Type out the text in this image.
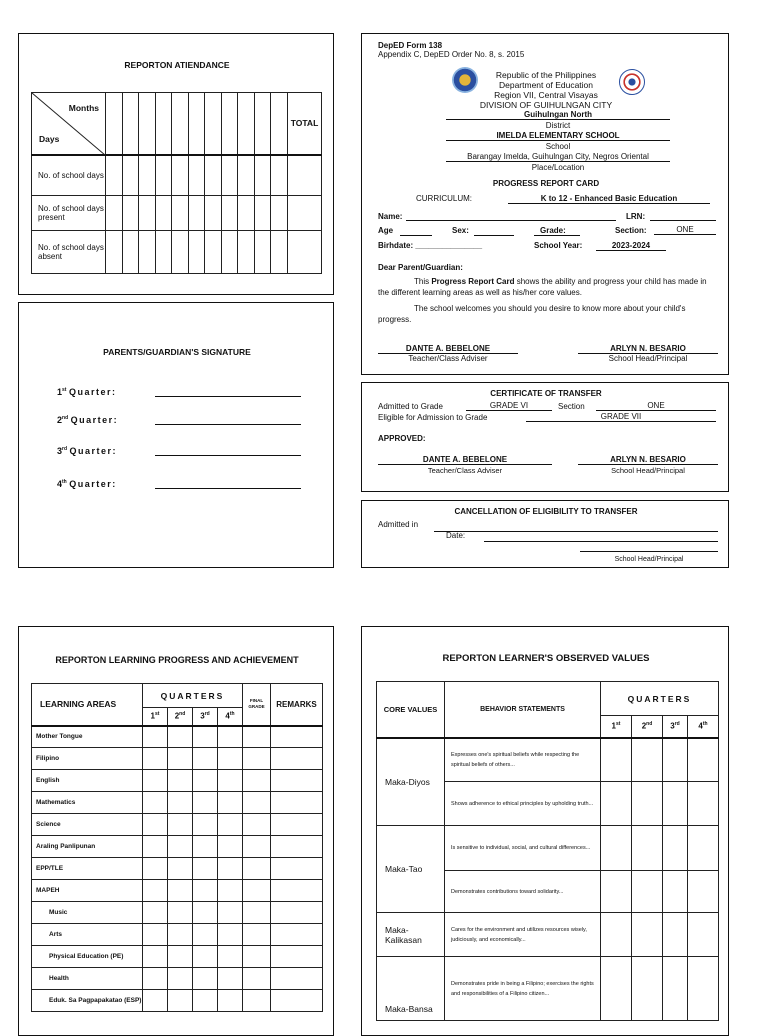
REPORTON ATIENDANCE
Months
Days												TOTAL
No. of school days												
No. of school days present												
No. of school days absent												
PARENTS/GUARDIAN'S SIGNATURE
1st Quarter:
2nd Quarter:
3rd Quarter:
4th Quarter:
DepED Form 138
Appendix C, DepED Order No. 8, s. 2015
Republic of the Philippines
Department of Education
Region VII, Central Visayas
DIVISION OF GUIHULNGAN CITY
Guihulngan North
District
IMELDA ELEMENTARY SCHOOL
School
Barangay Imelda, Guihulngan City, Negros Oriental
Place/Location
PROGRESS REPORT CARD
CURRICULUM:	K to 12 - Enhanced Basic Education
Name:	LRN:
Age	Sex:	Grade:	Section:	ONE
Birhdate: _______________	School Year:	2023-2024
Dear Parent/Guardian:
This Progress Report Card shows the ability and progress your child has made in the different learning areas as well as his/her core values.
The school welcomes you should you desire to know more about your child's progress.
DANTE A. BEBELONE
Teacher/Class Adviser
ARLYN N. BESARIO
School Head/Principal
CERTIFICATE OF TRANSFER
Admitted to Grade	GRADE VI	Section	ONE
Eligible for Admission to Grade	GRADE VII
APPROVED:
DANTE A. BEBELONE
Teacher/Class Adviser
ARLYN N. BESARIO
School Head/Principal
CANCELLATION OF ELIGIBILITY TO TRANSFER
Admitted in
Date:
School Head/Principal
REPORTON LEARNING PROGRESS AND ACHIEVEMENT
LEARNING AREAS	QUARTERS				FINAL GRADE	REMARKS
	1st	2nd	3rd	4th
Mother Tongue						
Filipino						
English						
Mathematics						
Science						
Araling Panlipunan						
EPP/TLE						
MAPEH						
Music						
Arts						
Physical Education (PE)						
Health						
Eduk. Sa Pagpapakatao (ESP)						
REPORTON LEARNER'S OBSERVED VALUES
CORE VALUES	BEHAVIOR STATEMENTS	QUARTERS			
		1st	2nd	3rd	4th
Maka-Diyos	Expresses one's spiritual beliefs while respecting the spiritual beliefs of others...				
	Shows adherence to ethical principles by upholding truth...				
Maka-Tao	Is sensitive to individual, social, and cultural differences...				
	Demonstrates contributions toward solidarity...				
Maka-Kalikasan	Cares for the environment and utilizes resources wisely, judiciously, and economically...				
Maka-Bansa	Demonstrates pride in being a Filipino; exercises the rights and responsibilities of a Filipino citizen...				
